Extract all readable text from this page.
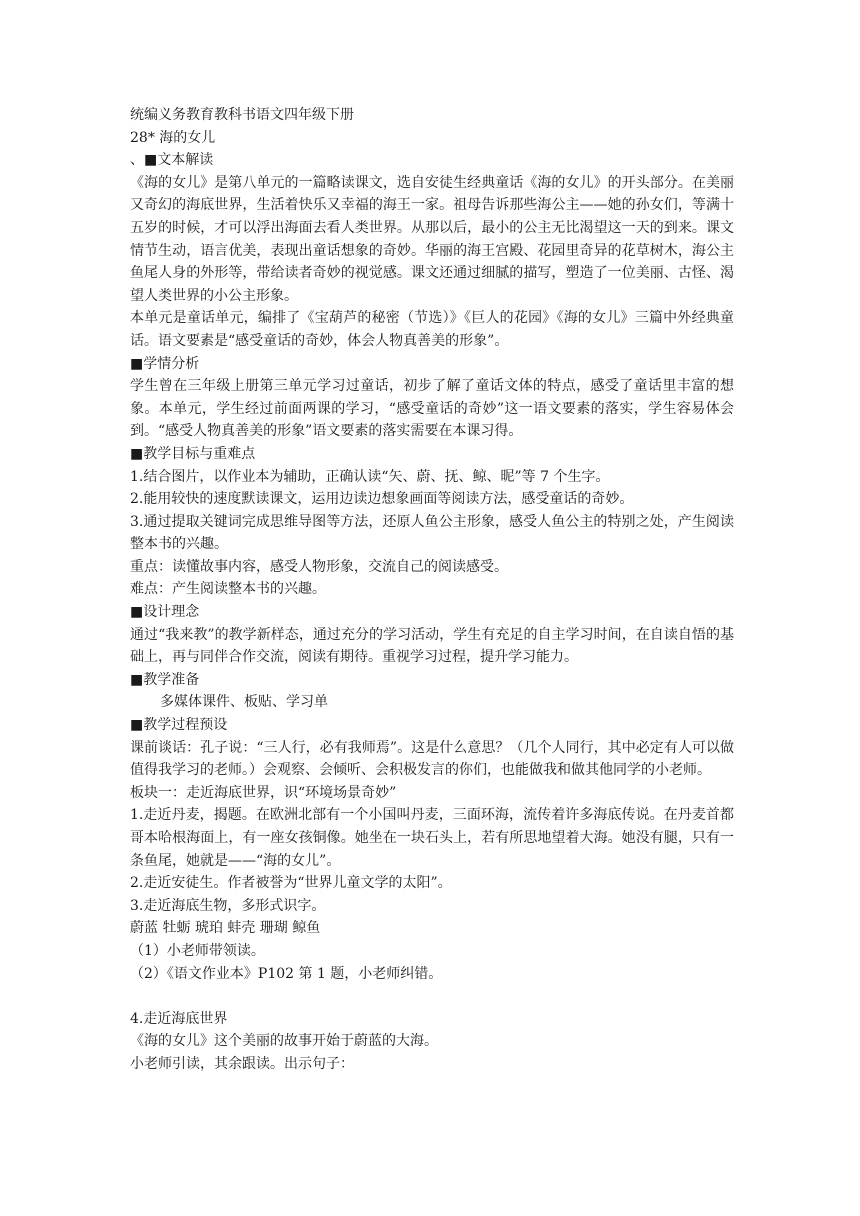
统编义务教育教科书语文四年级下册
28* 海的女儿
、■文本解读
《海的女儿》是第八单元的一篇略读课文，选自安徒生经典童话《海的女儿》的开头部分。在美丽又奇幻的海底世界，生活着快乐又幸福的海王一家。祖母告诉那些海公主——她的孙女们，等满十五岁的时候，才可以浮出海面去看人类世界。从那以后，最小的公主无比渴望这一天的到来。课文情节生动，语言优美，表现出童话想象的奇妙。华丽的海王宫殿、花园里奇异的花草树木，海公主鱼尾人身的外形等，带给读者奇妙的视觉感。课文还通过细腻的描写，塑造了一位美丽、古怪、渴望人类世界的小公主形象。
本单元是童话单元，编排了《宝葫芦的秘密（节选）》《巨人的花园》《海的女儿》三篇中外经典童话。语文要素是“感受童话的奇妙，体会人物真善美的形象”。
■学情分析
学生曾在三年级上册第三单元学习过童话，初步了解了童话文体的特点，感受了童话里丰富的想象。本单元，学生经过前面两课的学习，“感受童话的奇妙”这一语文要素的落实，学生容易体会到。“感受人物真善美的形象”语文要素的落实需要在本课习得。
■教学目标与重难点
1.结合图片，以作业本为辅助，正确认读“矢、蔚、抚、鲸、昵”等 7 个生字。
2.能用较快的速度默读课文，运用边读边想象画面等阅读方法，感受童话的奇妙。
3.通过提取关键词完成思维导图等方法，还原人鱼公主形象，感受人鱼公主的特别之处，产生阅读整本书的兴趣。
重点：读懂故事内容，感受人物形象，交流自己的阅读感受。
难点：产生阅读整本书的兴趣。
■设计理念
通过“我来教”的教学新样态，通过充分的学习活动，学生有充足的自主学习时间，在自读自悟的基础上，再与同伴合作交流，阅读有期待。重视学习过程，提升学习能力。
■教学准备
多媒体课件、板贴、学习单
■教学过程预设
课前谈话：孔子说：“三人行，必有我师焉”。这是什么意思？（几个人同行，其中必定有人可以做值得我学习的老师。）会观察、会倾听、会积极发言的你们，也能做我和做其他同学的小老师。
板块一：走近海底世界，识“环境场景奇妙”
1.走近丹麦，揭题。在欧洲北部有一个小国叫丹麦，三面环海，流传着许多海底传说。在丹麦首都哥本哈根海面上，有一座女孩铜像。她坐在一块石头上，若有所思地望着大海。她没有腿，只有一条鱼尾，她就是——“海的女儿”。
2.走近安徒生。作者被誉为“世界儿童文学的太阳”。
3.走近海底生物，多形式识字。
蔚蓝 牡蛎 琥珀 蚌壳 珊瑚 鲸鱼
（1）小老师带领读。
（2）《语文作业本》P102 第 1 题，小老师纠错。
4.走近海底世界
《海的女儿》这个美丽的故事开始于蔚蓝的大海。
小老师引读，其余跟读。出示句子：
